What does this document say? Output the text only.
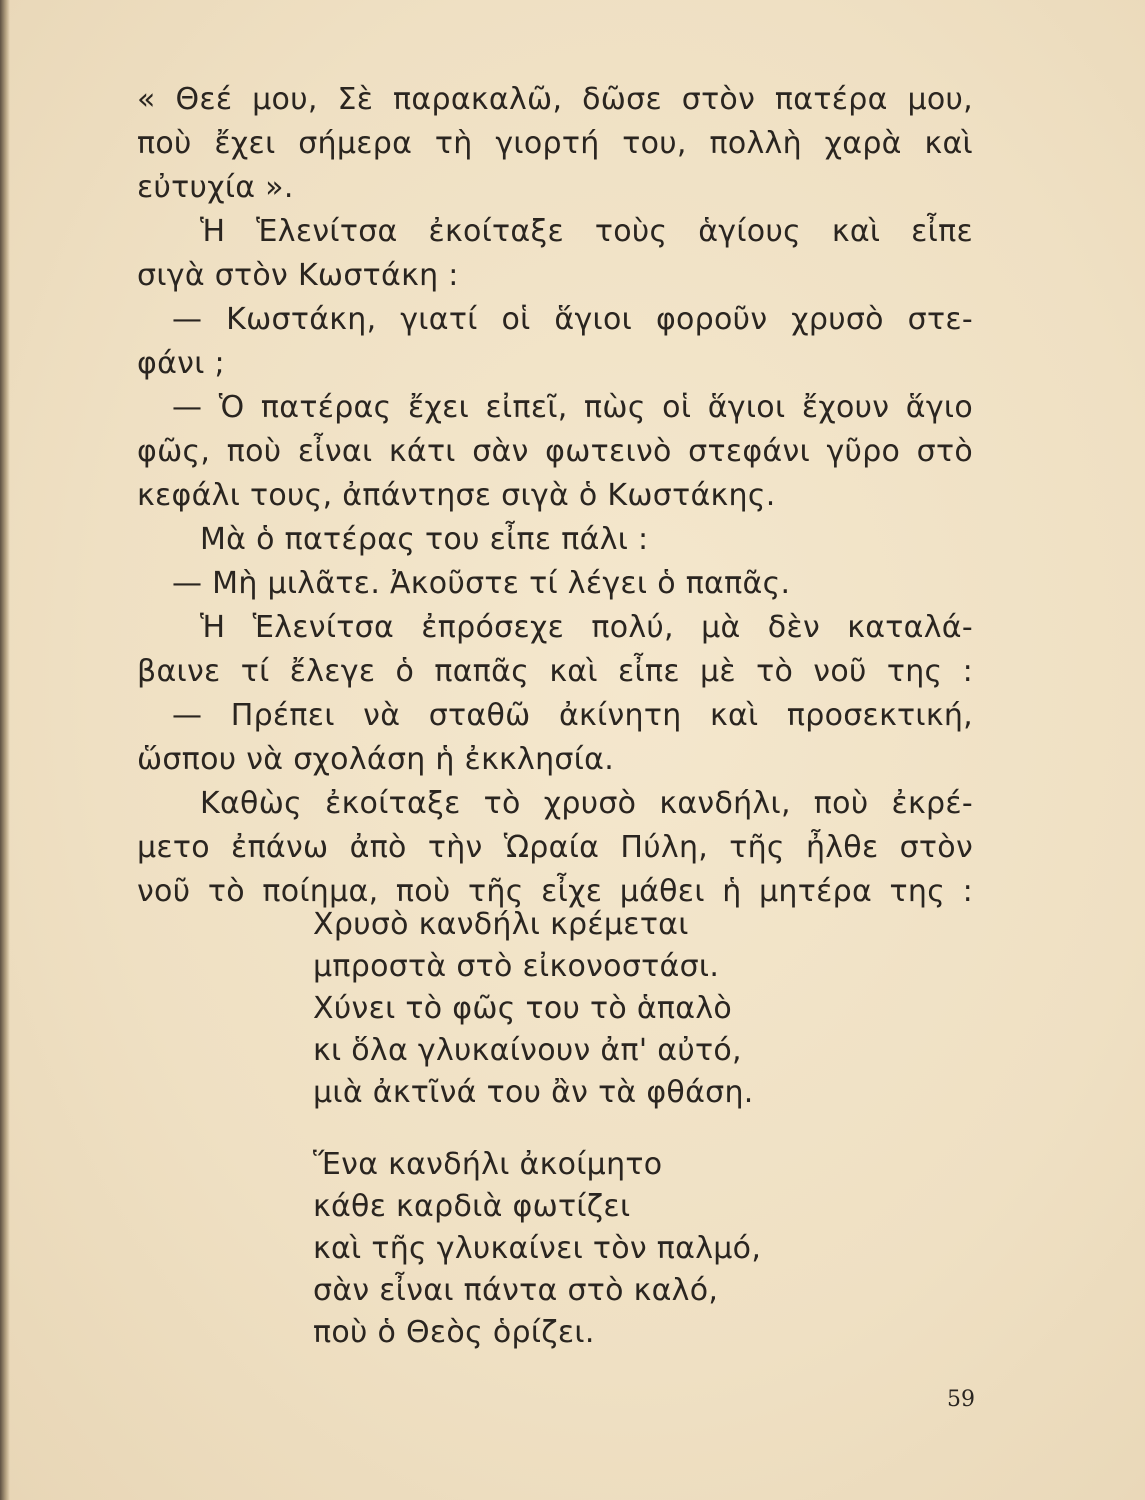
« Θεέ μου, Σὲ παρακαλῶ, δῶσε στὸν πατέρα μου,
ποὺ ἔχει σήμερα τὴ γιορτή του, πολλὴ χαρὰ καὶ
εὐτυχία ».
Ἡ Ἑλενίτσα ἐκοίταξε τοὺς ἁγίους καὶ εἶπε
σιγὰ στὸν Κωστάκη :
— Κωστάκη, γιατί οἱ ἅγιοι φοροῦν χρυσὸ στε-
φάνι ;
— Ὁ πατέρας ἔχει εἰπεῖ, πὼς οἱ ἅγιοι ἔχουν ἅγιο
φῶς, ποὺ εἶναι κάτι σὰν φωτεινὸ στεφάνι γῦρο στὸ
κεφάλι τους, ἀπάντησε σιγὰ ὁ Κωστάκης.
Μὰ ὁ πατέρας του εἶπε πάλι :
— Μὴ μιλᾶτε. Ἀκοῦστε τί λέγει ὁ παπᾶς.
Ἡ Ἑλενίτσα ἐπρόσεχε πολύ, μὰ δὲν καταλά-
βαινε τί ἔλεγε ὁ παπᾶς καὶ εἶπε μὲ τὸ νοῦ της :
— Πρέπει νὰ σταθῶ ἀκίνητη καὶ προσεκτική,
ὥσπου νὰ σχολάση ἡ ἐκκλησία.
Καθὼς ἐκοίταξε τὸ χρυσὸ κανδήλι, ποὺ ἐκρέ-
μετο ἐπάνω ἀπὸ τὴν Ὡραία Πύλη, τῆς ἦλθε στὸν
νοῦ τὸ ποίημα, ποὺ τῆς εἶχε μάθει ἡ μητέρα της :
Χρυσὸ κανδήλι κρέμεται
μπροστὰ στὸ εἰκονοστάσι.
Χύνει τὸ φῶς του τὸ ἁπαλὸ
κι ὅλα γλυκαίνουν ἀπ' αὐτό,
μιὰ ἀκτῖνά του ἂν τὰ φθάση.
Ἕνα κανδήλι ἀκοίμητο
κάθε καρδιὰ φωτίζει
καὶ τῆς γλυκαίνει τὸν παλμό,
σὰν εἶναι πάντα στὸ καλό,
ποὺ ὁ Θεὸς ὁρίζει.
59
